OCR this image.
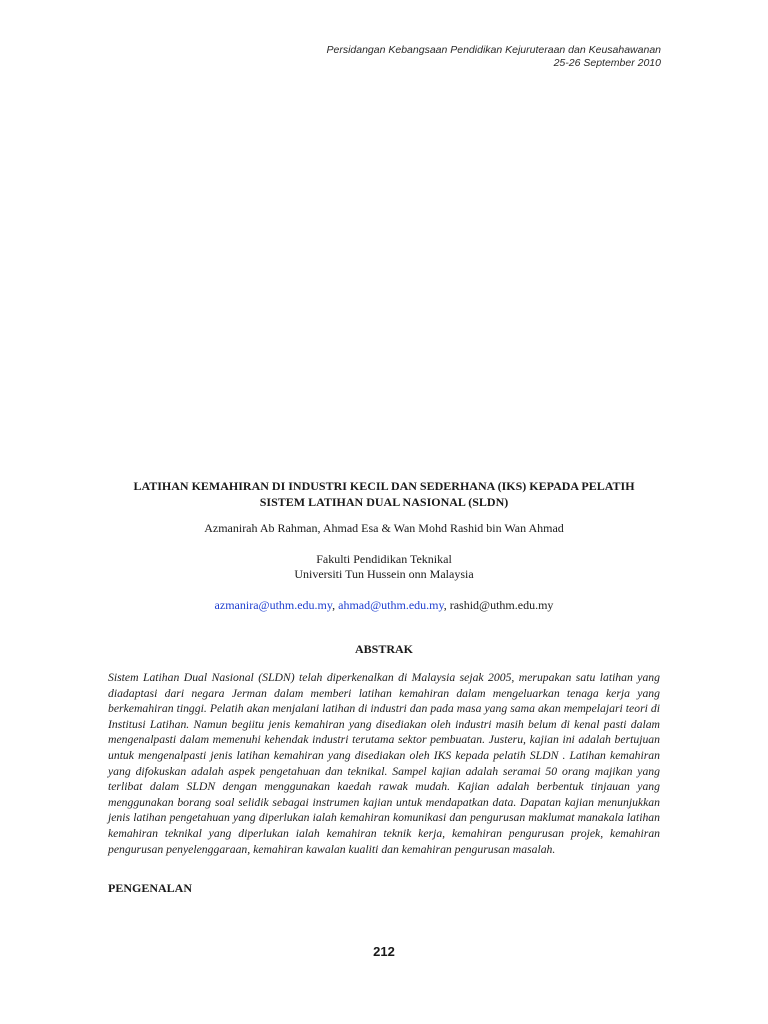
Persidangan Kebangsaan Pendidikan Kejuruteraan dan Keusahawanan
25-26 September 2010
LATIHAN KEMAHIRAN DI INDUSTRI KECIL DAN SEDERHANA (IKS) KEPADA PELATIH
SISTEM LATIHAN DUAL NASIONAL (SLDN)
Azmanirah Ab Rahman, Ahmad Esa & Wan Mohd Rashid bin Wan Ahmad
Fakulti Pendidikan Teknikal
Universiti Tun Hussein onn Malaysia
azmanira@uthm.edu.my, ahmad@uthm.edu.my, rashid@uthm.edu.my
ABSTRAK
Sistem Latihan Dual Nasional (SLDN) telah diperkenalkan di Malaysia sejak 2005, merupakan satu latihan yang diadaptasi dari negara Jerman dalam memberi latihan kemahiran dalam mengeluarkan tenaga kerja yang berkemahiran tinggi. Pelatih akan menjalani latihan di industri dan pada masa yang sama akan mempelajari teori di Institusi Latihan. Namun begiitu jenis kemahiran yang disediakan oleh industri masih belum di kenal pasti dalam mengenalpasti dalam memenuhi kehendak industri terutama sektor pembuatan. Justeru, kajian ini adalah bertujuan untuk mengenalpasti jenis latihan kemahiran yang disediakan oleh IKS kepada pelatih SLDN . Latihan kemahiran yang difokuskan adalah aspek pengetahuan dan teknikal. Sampel kajian adalah seramai 50 orang majikan yang terlibat dalam SLDN dengan menggunakan kaedah rawak mudah. Kajian adalah berbentuk tinjauan yang menggunakan borang soal selidik sebagai instrumen kajian untuk mendapatkan data. Dapatan kajian menunjukkan jenis latihan pengetahuan yang diperlukan ialah kemahiran komunikasi dan pengurusan maklumat manakala latihan kemahiran teknikal yang diperlukan ialah kemahiran teknik kerja, kemahiran pengurusan projek, kemahiran pengurusan penyelenggaraan, kemahiran kawalan kualiti dan kemahiran pengurusan masalah.
PENGENALAN
212
